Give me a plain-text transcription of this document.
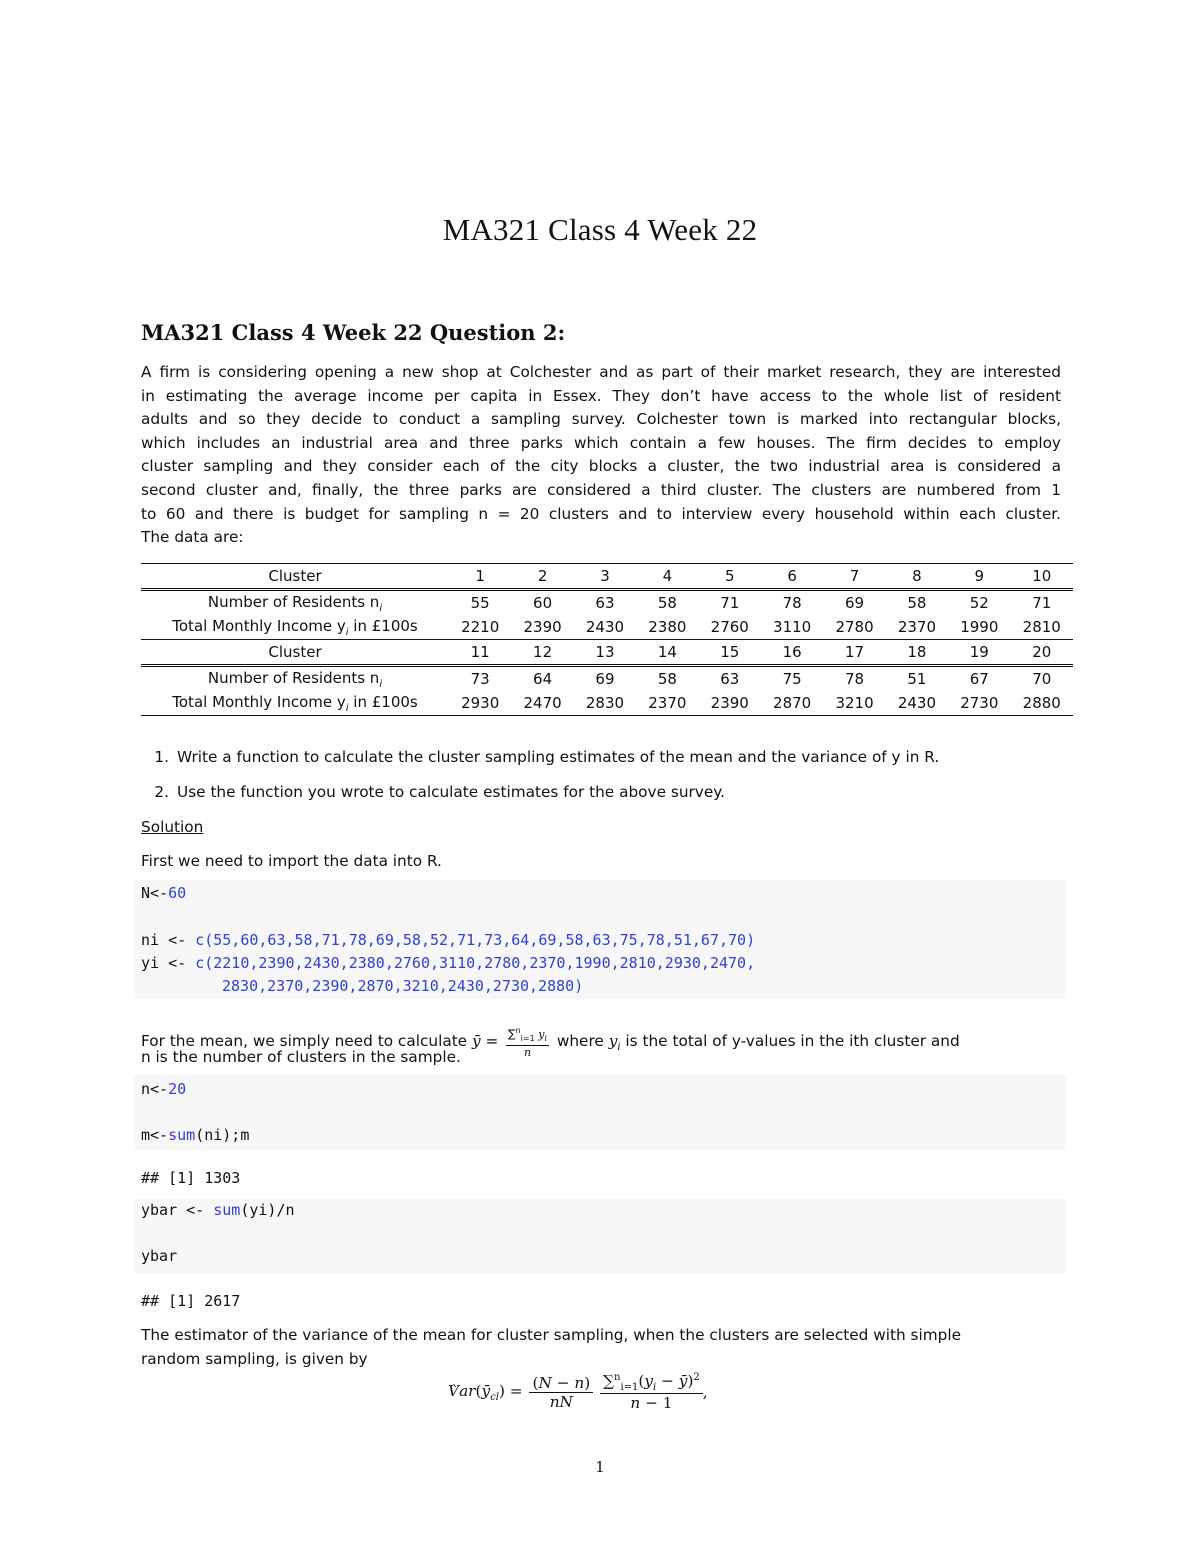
MA321 Class 4 Week 22
MA321 Class 4 Week 22 Question 2:
A firm is considering opening a new shop at Colchester and as part of their market research, they are interested
in estimating the average income per capita in Essex. They don’t have access to the whole list of resident
adults and so they decide to conduct a sampling survey. Colchester town is marked into rectangular blocks,
which includes an industrial area and three parks which contain a few houses. The firm decides to employ
cluster sampling and they consider each of the city blocks a cluster, the two industrial area is considered a
second cluster and, finally, the three parks are considered a third cluster. The clusters are numbered from 1
to 60 and there is budget for sampling n = 20 clusters and to interview every household within each cluster.
The data are:
Cluster	1	2	3	4	5	6	7	8	9	10
Number of Residents $n_i$	55	60	63	58	71	78	69	58	52	71
Total Monthly Income $y_i$ in £100s	2210	2390	2430	2380	2760	3110	2780	2370	1990	2810
Cluster	11	12	13	14	15	16	17	18	19	20
Number of Residents $n_i$	73	64	69	58	63	75	78	51	67	70
Total Monthly Income $y_i$ in £100s	2930	2470	2830	2370	2390	2870	3210	2430	2730	2880
1. Write a function to calculate the cluster sampling estimates of the mean and the variance of y in R.
2. Use the function you wrote to calculate estimates for the above survey.
Solution
First we need to import the data into R.
N<-60
ni <- c(55,60,63,58,71,78,69,58,52,71,73,64,69,58,63,75,78,51,67,70)
yi <- c(2210,2390,2430,2380,2760,3110,2780,2370,1990,2810,2930,2470,
2830,2370,2390,2870,3210,2430,2730,2880)
For the mean, we simply need to calculate ȳ = $\frac{\sum^n_{i=1} y_i}{n}$ where $y_i$ is the total of y-values in the ith cluster and
n is the number of clusters in the sample.
n<-20
m<-sum(ni);m
## [1] 1303
ybar <- sum(yi)/n
ybar
## [1] 2617
The estimator of the variance of the mean for cluster sampling, when the clusters are selected with simple
random sampling, is given by
$Var(ȳ_{cl}) = \frac{(N - n)}{nN}$
$\frac{\sum^n_{i=1}(y_i - ȳ)^2}{n - 1}$ ,
1
